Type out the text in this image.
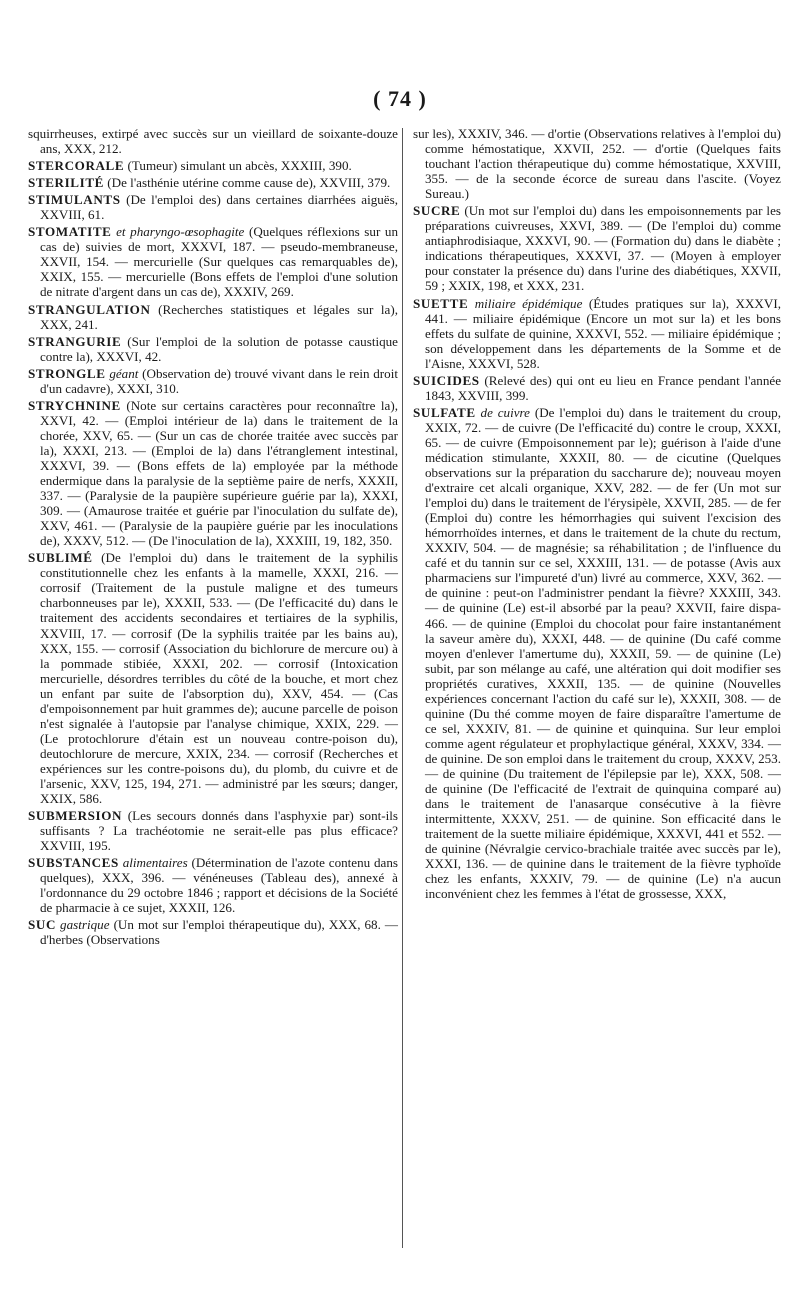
( 74 )

squirrheuses, extirpé avec succès sur un vieillard de soixante-douze ans, XXX, 212.

STERCORALE (Tumeur) simulant un abcès, XXXIII, 390.

STERILITÉ (De l'asthénie utérine comme cause de), XXVIII, 379.

STIMULANTS (De l'emploi des) dans certaines diarrhées aiguës, XXVIII, 61.

STOMATITE et pharyngo-œsophagite (Quelques réflexions sur un cas de) suivies de mort, XXXVI, 187. — pseudo-membraneuse, XXVII, 154. — mercurielle (Sur quelques cas remarquables de), XXIX, 155. — mercurielle (Bons effets de l'emploi d'une solution de nitrate d'argent dans un cas de), XXXIV, 269.

STRANGULATION (Recherches statistiques et légales sur la), XXX, 241.

STRANGURIE (Sur l'emploi de la solution de potasse caustique contre la), XXXVI, 42.

STRONGLE géant (Observation de) trouvé vivant dans le rein droit d'un cadavre), XXXI, 310.

STRYCHNINE (Note sur certains caractères pour reconnaître la), XXVI, 42. — (Emploi intérieur de la) dans le traitement de la chorée, XXV, 65. — (Sur un cas de chorée traitée avec succès par la), XXXI, 213. — (Emploi de la) dans l'étranglement intestinal, XXXVI, 39. — (Bons effets de la) employée par la méthode endermique dans la paralysie de la septième paire de nerfs, XXXII, 337. — (Paralysie de la paupière supérieure guérie par la), XXXI, 309. — (Amaurose traitée et guérie par l'inoculation du sulfate de), XXV, 461. — (Paralysie de la paupière guérie par les inoculations de), XXXV, 512. — (De l'inoculation de la), XXXIII, 19, 182, 350.

SUBLIMÉ (De l'emploi du) dans le traitement de la syphilis constitutionnelle chez les enfants à la mamelle, XXXI, 216. — corrosif (Traitement de la pustule maligne et des tumeurs charbonneuses par le), XXXII, 533. — (De l'efficacité du) dans le traitement des accidents secondaires et tertiaires de la syphilis, XXVIII, 17. — corrosif (De la syphilis traitée par les bains au), XXX, 155. — corrosif (Association du bichlorure de mercure ou) à la pommade stibiée, XXXI, 202. — corrosif (Intoxication mercurielle, désordres terribles du côté de la bouche, et mort chez un enfant par suite de l'absorption du), XXV, 454. — (Cas d'empoisonnement par huit grammes de); aucune parcelle de poison n'est signalée à l'autopsie par l'analyse chimique, XXIX, 229. — (Le protochlorure d'étain est un nouveau contre-poison du), deutochlorure de mercure, XXIX, 234. — corrosif (Recherches et expériences sur les contre-poisons du), du plomb, du cuivre et de l'arsenic, XXV, 125, 194, 271. — administré par les sœurs; danger, XXIX, 586.

SUBMERSION (Les secours donnés dans l'asphyxie par) sont-ils suffisants ? La trachéotomie ne serait-elle pas plus efficace? XXVIII, 195.

SUBSTANCES alimentaires (Détermination de l'azote contenu dans quelques), XXX, 396. — vénéneuses (Tableau des), annexé à l'ordonnance du 29 octobre 1846 ; rapport et décisions de la Société de pharmacie à ce sujet, XXXII, 126.

SUC gastrique (Un mot sur l'emploi thérapeutique du), XXX, 68. — d'herbes (Observations

sur les), XXXIV, 346. — d'ortie (Observations relatives à l'emploi du) comme hémostatique, XXVII, 252. — d'ortie (Quelques faits touchant l'action thérapeutique du) comme hémostatique, XXVIII, 355. — de la seconde écorce de sureau dans l'ascite. (Voyez Sureau.)

SUCRE (Un mot sur l'emploi du) dans les empoisonnements par les préparations cuivreuses, XXVI, 389. — (De l'emploi du) comme antiaphrodisiaque, XXXVI, 90. — (Formation du) dans le diabète ; indications thérapeutiques, XXXVI, 37. — (Moyen à employer pour constater la présence du) dans l'urine des diabétiques, XXVII, 59 ; XXIX, 198, et XXX, 231.

SUETTE miliaire épidémique (Études pratiques sur la), XXXVI, 441. — miliaire épidémique (Encore un mot sur la) et les bons effets du sulfate de quinine, XXXVI, 552. — miliaire épidémique ; son développement dans les départements de la Somme et de l'Aisne, XXXVI, 528.

SUICIDES (Relevé des) qui ont eu lieu en France pendant l'année 1843, XXVIII, 399.

SULFATE de cuivre (De l'emploi du) dans le traitement du croup, XXIX, 72. — de cuivre (De l'efficacité du) contre le croup, XXXI, 65. — de cuivre (Empoisonnement par le); guérison à l'aide d'une médication stimulante, XXXII, 80. — de cicutine (Quelques observations sur la préparation du saccharure de); nouveau moyen d'extraire cet alcali organique, XXV, 282. — de fer (Un mot sur l'emploi du) dans le traitement de l'érysipèle, XXVII, 285. — de fer (Emploi du) contre les hémorrhagies qui suivent l'excision des hémorrhoïdes internes, et dans le traitement de la chute du rectum, XXXIV, 504. — de magnésie; sa réhabilitation ; de l'influence du café et du tannin sur ce sel, XXXIII, 131. — de potasse (Avis aux pharmaciens sur l'impureté d'un) livré au commerce, XXV, 362. — de quinine : peut-on l'administrer pendant la fièvre? XXXIII, 343. — de quinine (Le) est-il absorbé par la peau? XXVII, faire dispa-466. — de quinine (Emploi du chocolat pour faire instantanément la saveur amère du), XXXI, 448. — de quinine (Du café comme moyen d'enlever l'amertume du), XXXII, 59. — de quinine (Le) subit, par son mélange au café, une altération qui doit modifier ses propriétés curatives, XXXII, 135. — de quinine (Nouvelles expériences concernant l'action du café sur le), XXXII, 308. — de quinine (Du thé comme moyen de faire disparaître l'amertume de ce sel, XXXIV, 81. — de quinine et quinquina. Sur leur emploi comme agent régulateur et prophylactique général, XXXV, 334. — de quinine. De son emploi dans le traitement du croup, XXXV, 253. — de quinine (Du traitement de l'épilepsie par le), XXX, 508. — de quinine (De l'efficacité de l'extrait de quinquina comparé au) dans le traitement de l'anasarque consécutive à la fièvre intermittente, XXXV, 251. — de quinine. Son efficacité dans le traitement de la suette miliaire épidémique, XXXVI, 441 et 552. — de quinine (Névralgie cervico-brachiale traitée avec succès par le), XXXI, 136. — de quinine dans le traitement de la fièvre typhoïde chez les enfants, XXXIV, 79. — de quinine (Le) n'a aucun inconvénient chez les femmes à l'état de grossesse, XXX,
